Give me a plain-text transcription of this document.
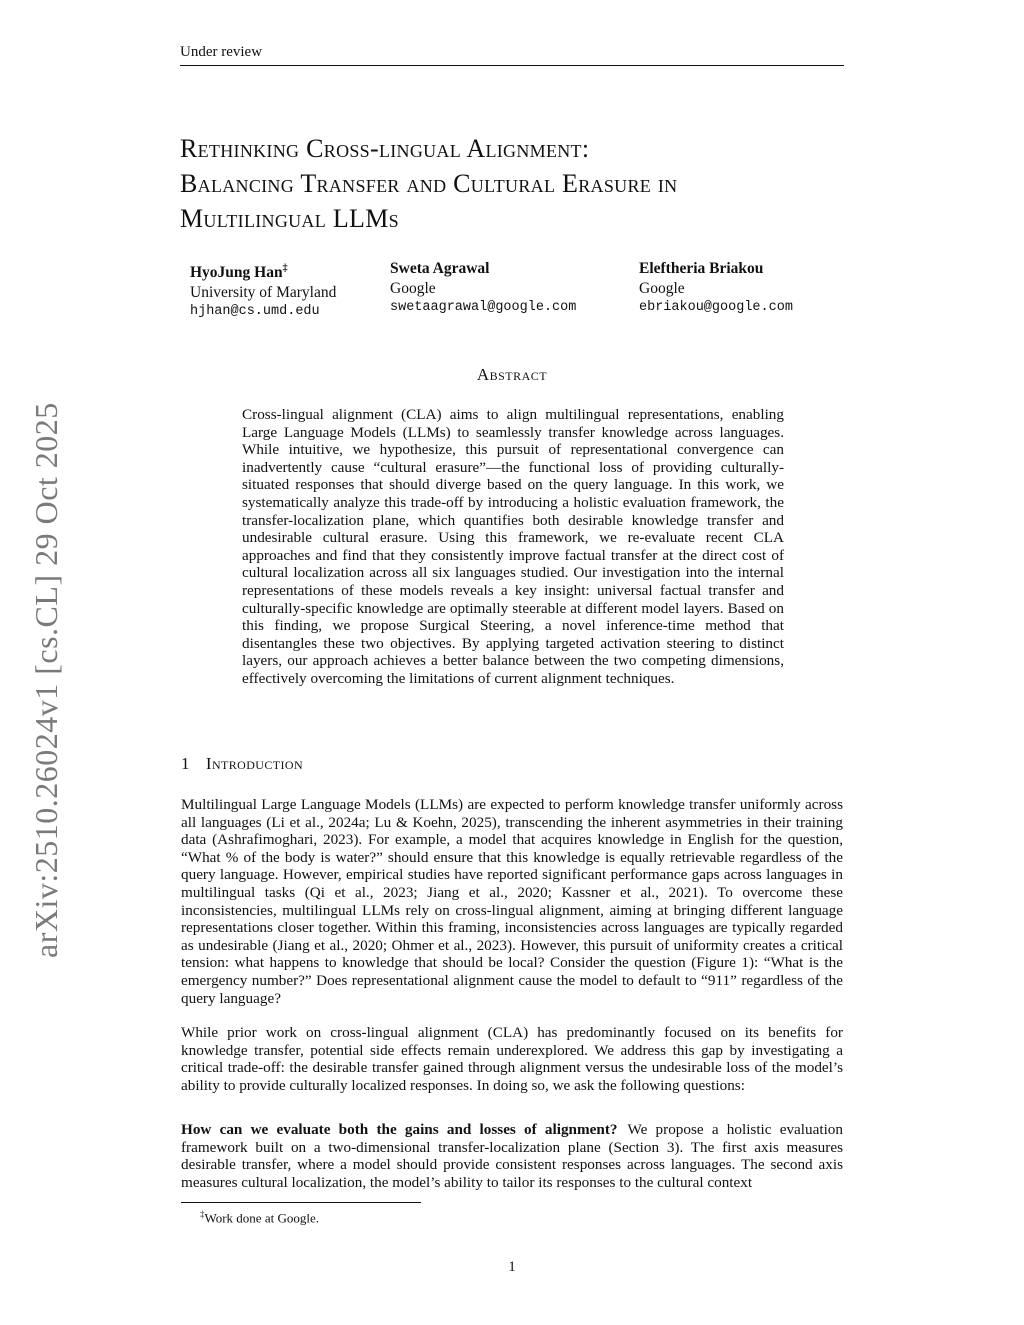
Under review
Rethinking Cross-lingual Alignment:
Balancing Transfer and Cultural Erasure in
Multilingual LLMs
HyoJung Han‡
University of Maryland
hjhan@cs.umd.edu
Sweta Agrawal
Google
swetaagrawal@google.com
Eleftheria Briakou
Google
ebriakou@google.com
Abstract

Cross-lingual alignment (CLA) aims to align multilingual representations, enabling Large Language Models (LLMs) to seamlessly transfer knowledge across languages. While intuitive, we hypothesize, this pursuit of representational convergence can inadvertently cause “cultural erasure”—the functional loss of providing culturally-situated responses that should diverge based on the query language. In this work, we systematically analyze this trade-off by introducing a holistic evaluation framework, the transfer-localization plane, which quantifies both desirable knowledge transfer and undesirable cultural erasure. Using this framework, we re-evaluate recent CLA approaches and find that they consistently improve factual transfer at the direct cost of cultural localization across all six languages studied. Our investigation into the internal representations of these models reveals a key insight: universal factual transfer and culturally-specific knowledge are optimally steerable at different model layers. Based on this finding, we propose Surgical Steering, a novel inference-time method that disentangles these two objectives. By applying targeted activation steering to distinct layers, our approach achieves a better balance between the two competing dimensions, effectively overcoming the limitations of current alignment techniques.

1 Introduction

Multilingual Large Language Models (LLMs) are expected to perform knowledge transfer uniformly across all languages (Li et al., 2024a; Lu & Koehn, 2025), transcending the inherent asymmetries in their training data (Ashrafimoghari, 2023). For example, a model that acquires knowledge in English for the question, “What % of the body is water?” should ensure that this knowledge is equally retrievable regardless of the query language. However, empirical studies have reported significant performance gaps across languages in multilingual tasks (Qi et al., 2023; Jiang et al., 2020; Kassner et al., 2021). To overcome these inconsistencies, multilingual LLMs rely on cross-lingual alignment, aiming at bringing different language representations closer together. Within this framing, inconsistencies across languages are typically regarded as undesirable (Jiang et al., 2020; Ohmer et al., 2023). However, this pursuit of uniformity creates a critical tension: what happens to knowledge that should be local? Consider the question (Figure 1): “What is the emergency number?” Does representational alignment cause the model to default to “911” regardless of the query language?

While prior work on cross-lingual alignment (CLA) has predominantly focused on its benefits for knowledge transfer, potential side effects remain underexplored. We address this gap by investigating a critical trade-off: the desirable transfer gained through alignment versus the undesirable loss of the model’s ability to provide culturally localized responses. In doing so, we ask the following questions:

How can we evaluate both the gains and losses of alignment? We propose a holistic evaluation framework built on a two-dimensional transfer-localization plane (Section 3). The first axis measures desirable transfer, where a model should provide consistent responses across languages. The second axis measures cultural localization, the model’s ability to tailor its responses to the cultural context

‡Work done at Google.
1
arXiv:2510.26024v1 [cs.CL] 29 Oct 2025
